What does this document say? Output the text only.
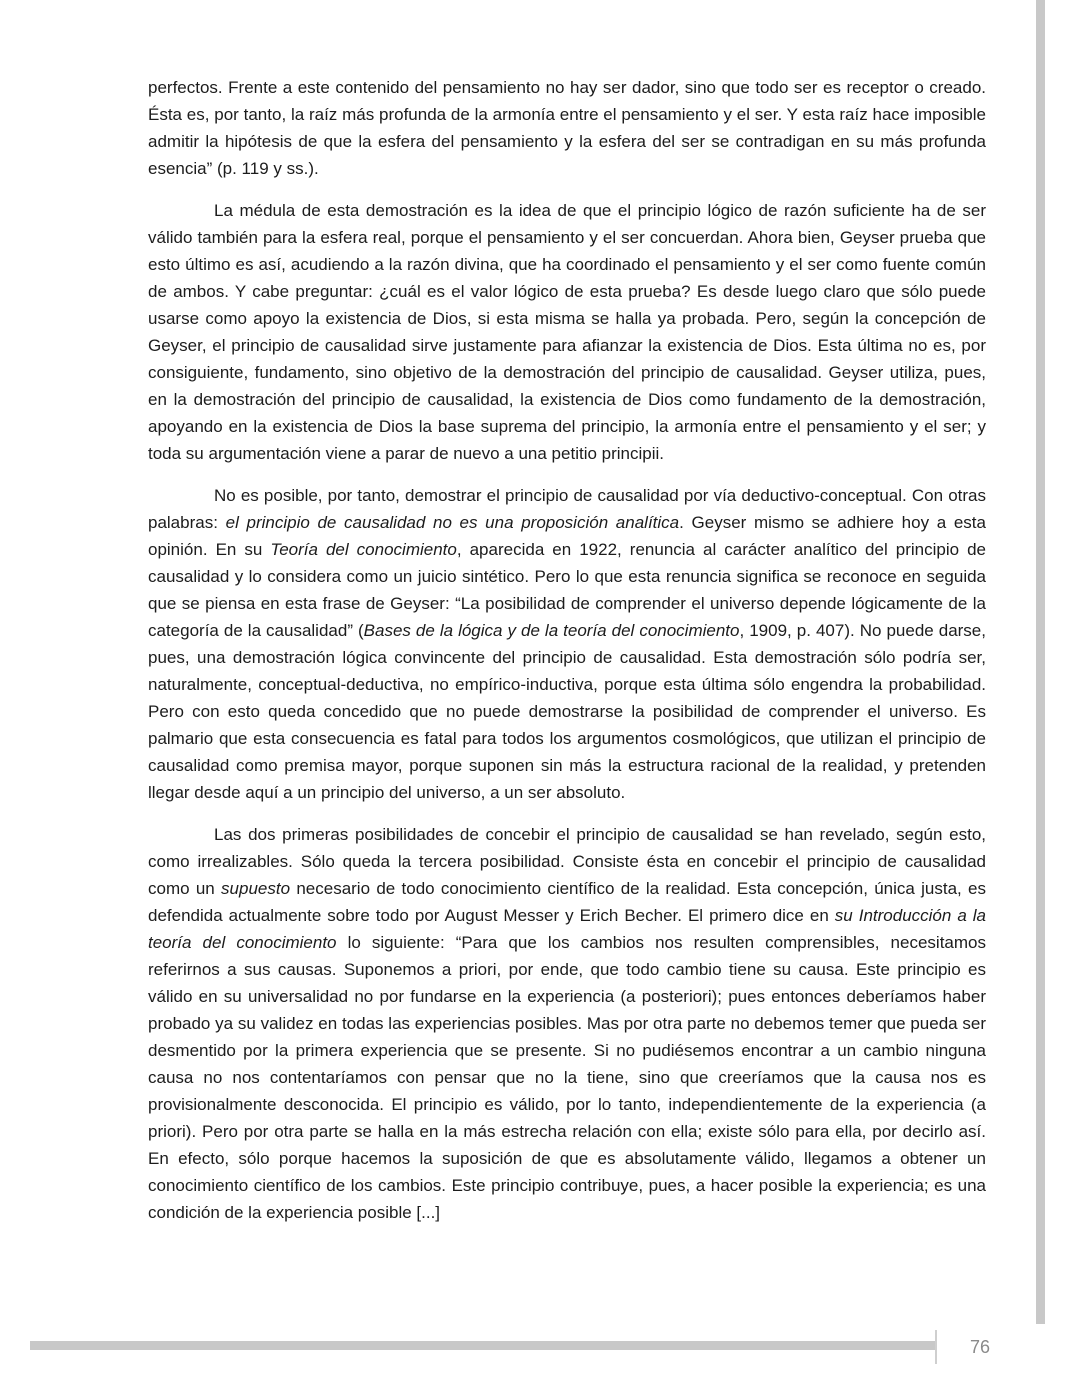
perfectos. Frente a este contenido del pensamiento no hay ser dador, sino que todo ser es receptor o creado. Ésta es, por tanto, la raíz más profunda de la armonía entre el pensamiento y el ser. Y esta raíz hace imposible admitir la hipótesis de que la esfera del pensamiento y la esfera del ser se contradigan en su más profunda esencia” (p. 119 y ss.).

La médula de esta demostración es la idea de que el principio lógico de razón suficiente ha de ser válido también para la esfera real, porque el pensamiento y el ser concuerdan. Ahora bien, Geyser prueba que esto último es así, acudiendo a la razón divina, que ha coordinado el pensamiento y el ser como fuente común de ambos. Y cabe preguntar: ¿cuál es el valor lógico de esta prueba? Es desde luego claro que sólo puede usarse como apoyo la existencia de Dios, si esta misma se halla ya probada. Pero, según la concepción de Geyser, el principio de causalidad sirve justamente para afianzar la existencia de Dios. Esta última no es, por consiguiente, fundamento, sino objetivo de la demostración del principio de causalidad. Geyser utiliza, pues, en la demostración del principio de causalidad, la existencia de Dios como fundamento de la demostración, apoyando en la existencia de Dios la base suprema del principio, la armonía entre el pensamiento y el ser; y toda su argumentación viene a parar de nuevo a una petitio principii.

No es posible, por tanto, demostrar el principio de causalidad por vía deductivo-conceptual. Con otras palabras: el principio de causalidad no es una proposición analítica. Geyser mismo se adhiere hoy a esta opinión. En su Teoría del conocimiento, aparecida en 1922, renuncia al carácter analítico del principio de causalidad y lo considera como un juicio sintético. Pero lo que esta renuncia significa se reconoce en seguida que se piensa en esta frase de Geyser: “La posibilidad de comprender el universo depende lógicamente de la categoría de la causalidad” (Bases de la lógica y de la teoría del conocimiento, 1909, p. 407). No puede darse, pues, una demostración lógica convincente del principio de causalidad. Esta demostración sólo podría ser, naturalmente, conceptual-deductiva, no empírico-inductiva, porque esta última sólo engendra la probabilidad. Pero con esto queda concedido que no puede demostrarse la posibilidad de comprender el universo. Es palmario que esta consecuencia es fatal para todos los argumentos cosmológicos, que utilizan el principio de causalidad como premisa mayor, porque suponen sin más la estructura racional de la realidad, y pretenden llegar desde aquí a un principio del universo, a un ser absoluto.

Las dos primeras posibilidades de concebir el principio de causalidad se han revelado, según esto, como irrealizables. Sólo queda la tercera posibilidad. Consiste ésta en concebir el principio de causalidad como un supuesto necesario de todo conocimiento científico de la realidad. Esta concepción, única justa, es defendida actualmente sobre todo por August Messer y Erich Becher. El primero dice en su Introducción a la teoría del conocimiento lo siguiente: “Para que los cambios nos resulten comprensibles, necesitamos referirnos a sus causas. Suponemos a priori, por ende, que todo cambio tiene su causa. Este principio es válido en su universalidad no por fundarse en la experiencia (a posteriori); pues entonces deberíamos haber probado ya su validez en todas las experiencias posibles. Mas por otra parte no debemos temer que pueda ser desmentido por la primera experiencia que se presente. Si no pudiésemos encontrar a un cambio ninguna causa no nos contentaríamos con pensar que no la tiene, sino que creeríamos que la causa nos es provisionalmente desconocida. El principio es válido, por lo tanto, independientemente de la experiencia (a priori). Pero por otra parte se halla en la más estrecha relación con ella; existe sólo para ella, por decirlo así. En efecto, sólo porque hacemos la suposición de que es absolutamente válido, llegamos a obtener un conocimiento científico de los cambios. Este principio contribuye, pues, a hacer posible la experiencia; es una condición de la experiencia posible [...]

76
